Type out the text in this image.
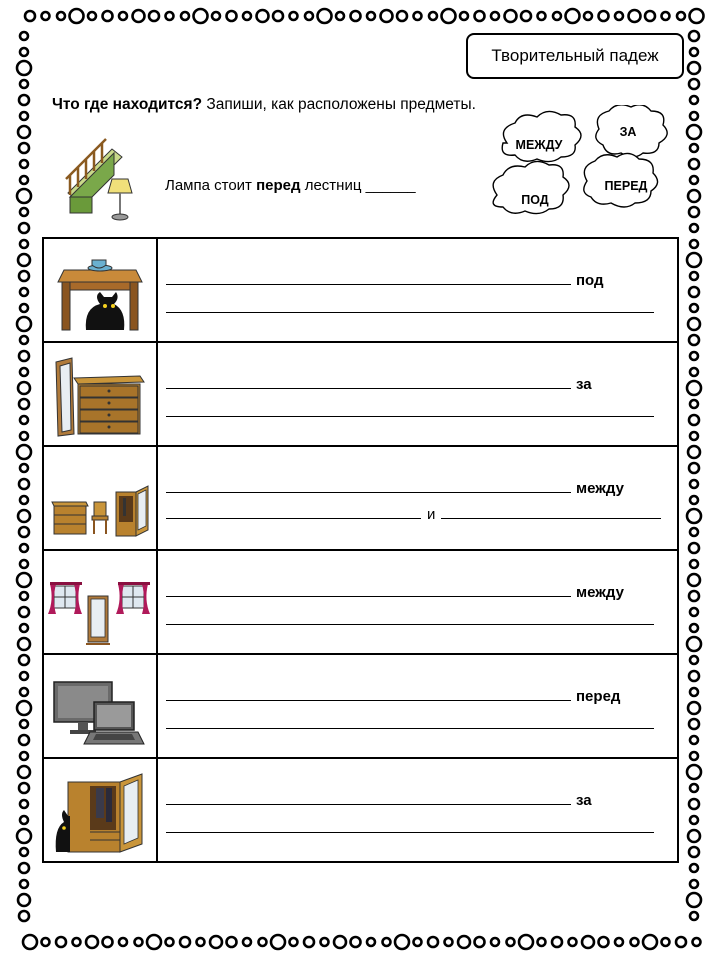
Творительный падеж
Что где находится? Запиши, как расположены предметы.
МЕЖДУ
ЗА
ПОД
ПЕРЕД
Лампа стоит перед лестниц ______

под

за

между
и

между

перед

за
